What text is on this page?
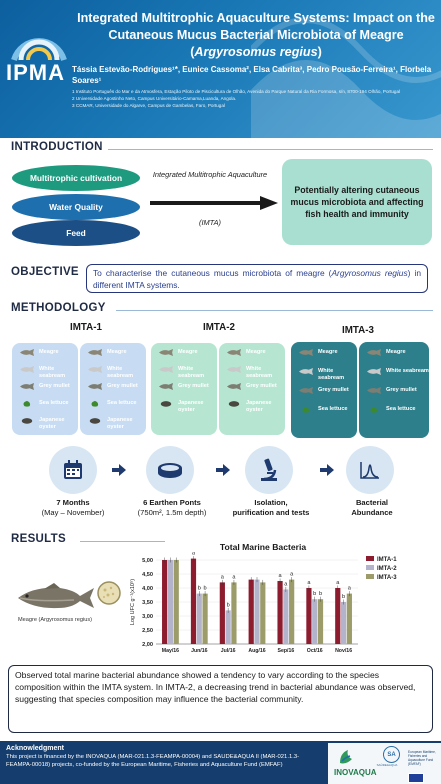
IPMA
Integrated Multitrophic Aquaculture Systems: Impact on the Cutaneous Mucus Bacterial Microbiota of Meagre (Argyrosomus regius)
Tássia Estevão-Rodrigues¹*, Eunice Cassoma², Elsa Cabrita³, Pedro Pousão-Ferreira¹, Florbela Soares¹
1 Instituto Português do Mar e da Atmosfera, Estação Piloto de Piscicultura de Olhão, Avenida do Parque Natural da Ria Formosa, s/n, 8700-194 Olhão, Portugal
2 Universidade Agostinho Neto, Campus Universitário-Camama,Luanda, Angola.
3 CCMAR, Universidade do Algarve, Campus de Gambelas, Faro, Portugal
INTRODUCTION
Multitrophic cultivation
Water Quality
Feed
Integrated Multitrophic Aquaculture
(IMTA)
Potentially altering cutaneous mucus microbiota and affecting fish health and immunity
OBJECTIVE	To characterise the cutaneous mucus microbiota of meagre (Argyrosomus regius) in different IMTA systems.
METHODOLOGY
IMTA-1	IMTA-2	IMTA-3
Meagre
White seabream
Grey mullet
Sea lettuce
Japanese oyster
Meagre
White seabream
Grey mullet
Sea lettuce
Japanese oyster
Meagre
White seabream
Grey mullet
Japanese oyster
Meagre
White seabream
Grey mullet
Japanese oyster
Meagre
White seabream
Grey mullet
Sea lettuce
Meagre
White seabream
Grey mullet
Sea lettuce
7 Months
(May – November)
6 Earthen Ponts
(750m², 1.5m depth)
Isolation,
purification and tests
Bacterial
Abundance
RESULTS
Meagre (Argyrosomus regius)
Total Marine Bacteria
Log UFC g⁻¹(x10⁵)
2,00
2,50
3,00
3,50
4,00
4,50
5,00
May/16 Jun/16
a
b b
Jul/16
a
b
a
Aug/16 Sep/16
a
a
a
Oct/16
a
b b
Nov/16
a
b
a
IMTA-1
IMTA-2
IMTA-3
Observed total marine bacterial abundance showed a tendency to vary according to the species composition within the IMTA system. In IMTA-2, a decreasing trend in bacterial abundance was observed, suggesting that species composition may influence the bacterial community.
Acknowledgment
This project is financed by the INOVAQUA (MAR-021.1.3-FEAMPA-00004) and SAUDE&AQUA II (MAR-021.1.3-FEAMPA-00018) projects, co-funded by the European Maritime, Fisheries and Aquaculture Fund (EMFAF)
INOVAQUA
SA
SAÚDE&AQUA
European Maritime, Fisheries and Aquaculture Fund (EMFAF)
